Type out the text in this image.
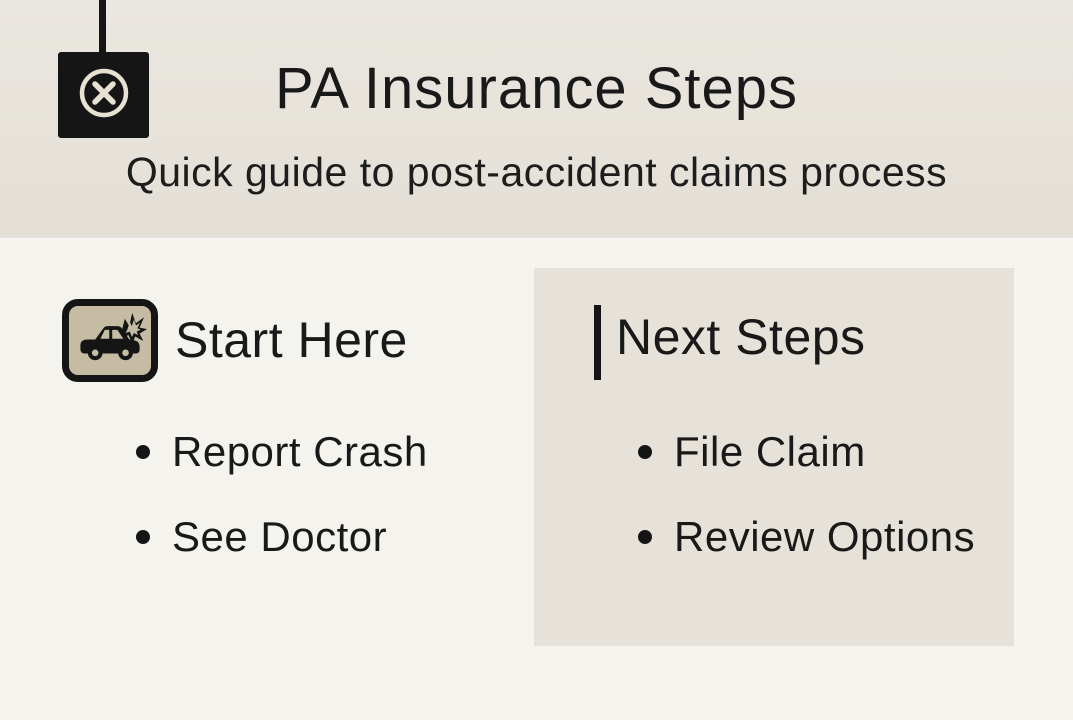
PA Insurance Steps
Quick guide to post-accident claims process
Start Here
Report Crash
See Doctor
Next Steps
File Claim
Review Options
